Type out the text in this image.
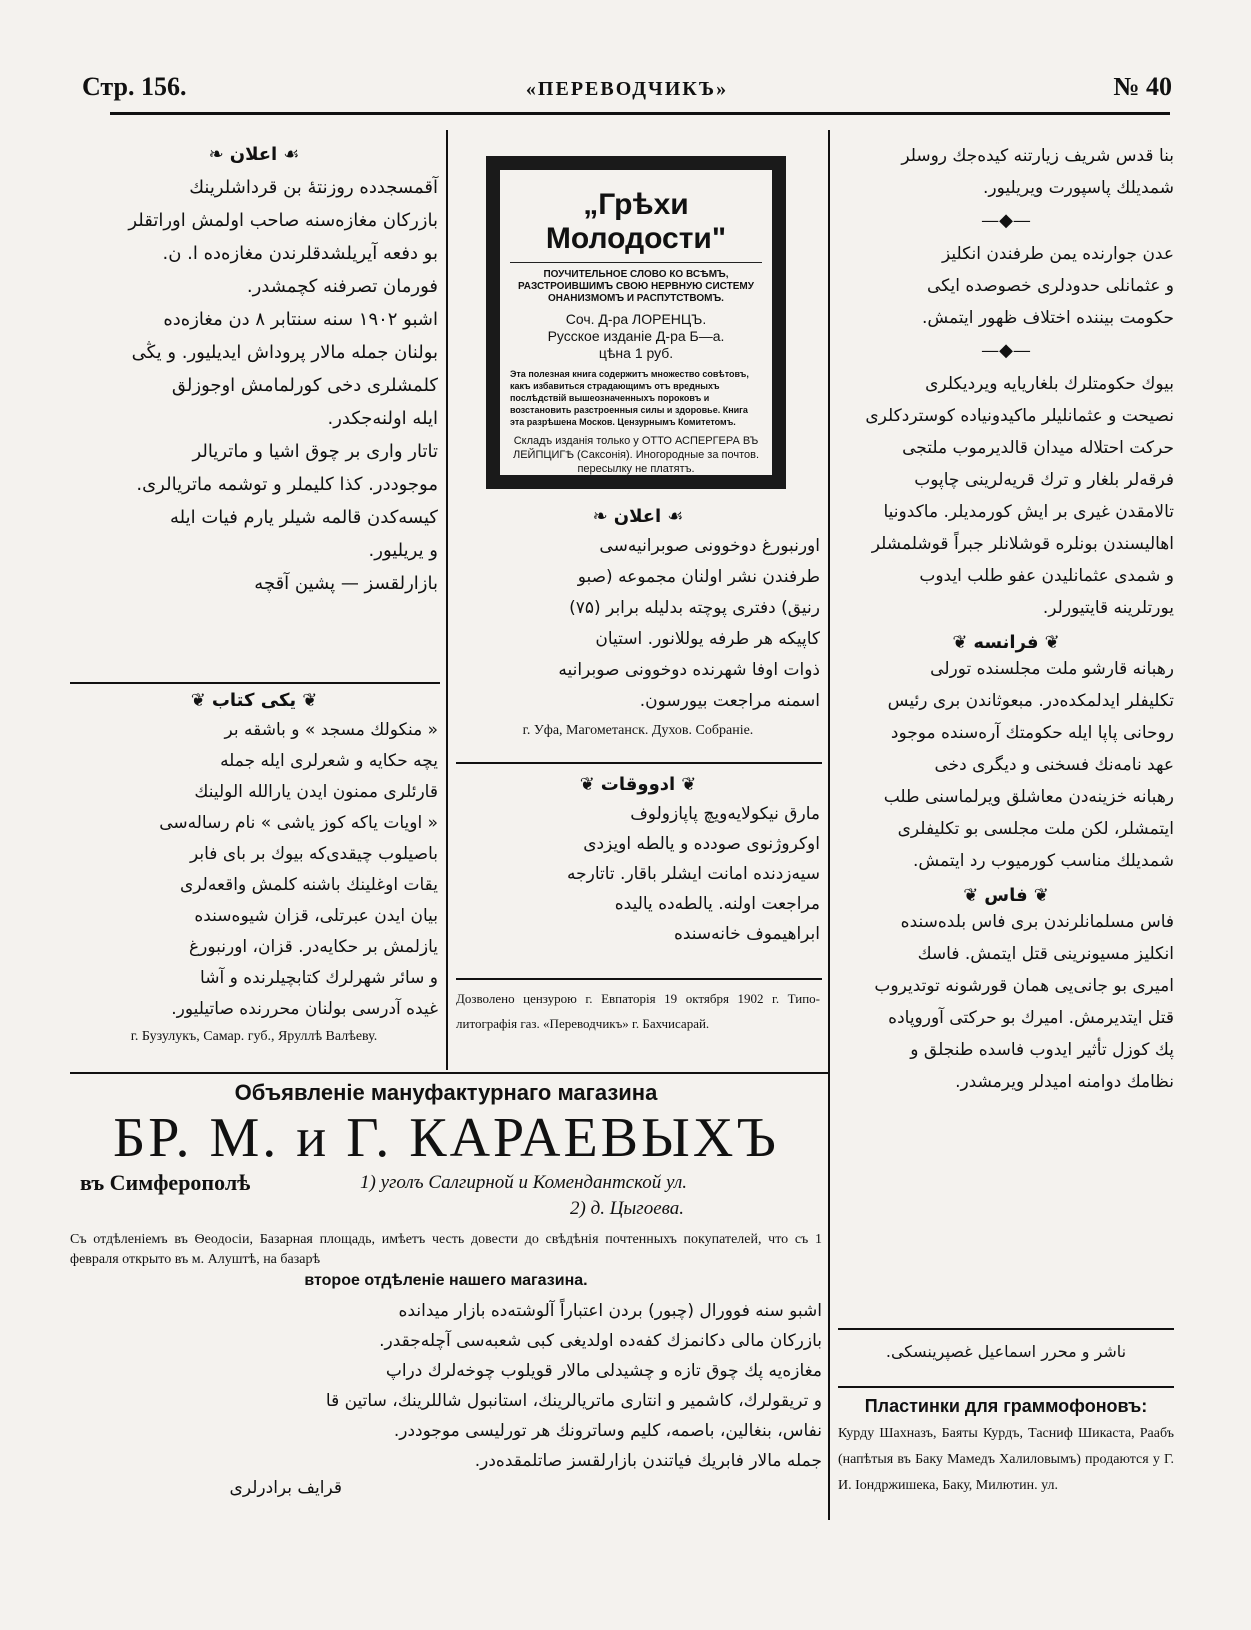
Стр. 156.	«ПЕРЕВОДЧИКЪ»	№ 40
❧ اعلان ☙

آقمسجدده روزنتهٔ بن قرداشلرينك

بازركان مغازەسنه صاحب اولمش اوراتقلر

بو دفعه آيريلشدقلرندن مغازەده ا. ن.

فورمان تصرفنه كچمشدر.

اشبو ۱۹۰۲ سنه سنتابر ۸ دن مغازەده

بولنان جمله مالار پروداش ايديليور. و يڭی

كلمشلری دخی كورلمامش اوجوزلق

ايله اولنه‌جكدر.

تاتار واری بر چوق اشيا و ماتريالر

موجوددر. كذا كليملر و توشمه ماتريالری.

كيسه‌كدن قالمه شيلر يارم فيات ايله

و يريليور.

بازارلقسز — پشين آقچه

❦ يكى كتاب ❦

« منكولك مسجد » و باشقه بر

يچه حكايه و شعرلری ايله جمله

قارئلری ممنون ايدن يارالله الولينك

« اويات ياكه كوز ياشی » نام رساله‌سی

باصيلوب چيقدی‌كه بيوك بر بای فابر

يقات اوغلينك باشنه كلمش واقعه‌لری

بيان ايدن عبرتلی، قزان شيوه‌سنده

يازلمش بر حكايه‌در. قزان، اورنبورغ

و سائر شهرلرك كتابچيلرنده و آشا

غيده آدرسی بولنان محررنده صاتيليور.

г. Бузулукъ, Самар. губ., Яруллѣ Валѣеву.
„Грѣхи Молодости"
ПОУЧИТЕЛЬНОЕ СЛОВО КО ВСѢМЪ, РАЗСТРОИВШИМЪ СВОЮ НЕРВНУЮ СИСТЕМУ ОНАНИЗМОМЪ И РАСПУТСТВОМЪ.
Соч. Д-ра ЛОРЕНЦЪ.
Русское изданіе Д-ра Б—а.
цѣна 1 руб.
Эта полезная книга содержитъ множество совѣтовъ, какъ избавиться страдающимъ отъ вредныхъ послѣдствій вышеозначенныхъ пороковъ и возстановить разстроенныя силы и здоровье. Книга эта разрѣшена Москов. Цензурнымъ Комитетомъ.
Складъ изданія только у ОТТО АСПЕРГЕРА ВЪ ЛЕЙПЦИГѢ (Саксонія). Иногородные за почтов. пересылку не платятъ.
❧ اعلان ☙

اورنبورغ دوخوونی صوبرانيه‌سی

طرفندن نشر اولنان مجموعه (صبو

رنيق) دفتری پوچته بدليله برابر (۷۵)

كاپيكه هر طرفه يوللانور. استيان

ذوات اوفا شهرنده دوخوونی صوبرانيه

اسمنه مراجعت بيورسون.

г. Уфа, Магометанск. Духов. Собраніе.
❦ ادووقات ❦

مارق نيكولايه‌ويچ پاپازولوف

اوكروژنوی صودده و يالطه اويزدی

سيه‌زدنده امانت ايشلر باقار. تاتارجه

مراجعت اولنه. يالطه‌ده ياليده

ابراهيموف خانه‌سنده

Дозволено цензурою г. Евпаторія 19 октября 1902 г. Типо-литографія газ. «Переводчикъ» г. Бахчисарай.

بنا قدس شريف زيارتنه كيده‌جك روسلر

شمديلك پاسپورت ويريليور.

—◆—

عدن جوارنده يمن طرفندن انكليز

و عثمانلی حدودلری خصوصده ايكی

حكومت بيننده اختلاف ظهور ايتمش.

—◆—

بيوك حكومتلرك بلغاريايه ويرديكلری

نصيحت و عثمانليلر ماكيدونياده كوستردكلری

حركت احتلاله ميدان قالديرموب ملتجی

فرقه‌لر بلغار و ترك قريه‌لرينی چاپوب

تالامقدن غيری بر ايش كورمديلر. ماكدونيا

اهاليسندن بونلره قوشلانلر جبراً قوشلمشلر

و شمدی عثمانليدن عفو طلب ايدوب

يورتلرينه قايتيورلر.

❦ فرانسه ❦

رهبانه قارشو ملت مجلسنده تورلی

تكليفلر ايدلمكده‌در. مبعوثاندن بری رئيس

روحانی پاپا ايله حكومتك آره‌سنده موجود

عهد نامه‌نك فسخنی و ديگری دخی

رهبانه خزينه‌دن معاشلق ويرلماسنی طلب

ايتمشلر، لكن ملت مجلسی بو تكليفلری

شمديلك مناسب كورميوب رد ايتمش.

❦ فاس ❦

فاس مسلمانلرندن بری فاس بلده‌سنده

انكليز مسيونرينی قتل ايتمش. فاسك

اميری بو جانی‌يی همان قورشونه توتديروب

قتل ايتديرمش. اميرك بو حركتی آوروپاده

پك كوزل تأثير ايدوب فاسده طنجلق و

نظامك دوامنه اميدلر ويرمشدر.

ناشر و محرر اسماعيل غصپرينسكى.
Пластинки для граммофоновъ:
Курду Шахназъ, Баяты Курдъ, Тасниф Шикаста, Раабъ (напѣтыя въ Баку Мамедъ Халиловымъ) продаются у Г. И. Іондржишека, Баку, Милютин. ул.
Объявленіе мануфактурнаго магазина
БР. М. и Г. КАРАЕВЫХЪ
въ Симферополѣ	1) уголъ Салгирной и Комендантской ул.
2) д. Цыгоева.
Съ отдѣленіемъ въ Ѳеодосіи, Базарная площадь, имѣетъ честь довести до свѣдѣнія почтенныхъ покупателей, что съ 1 февраля открыто въ м. Алуштѣ, на базарѣ
второе отдѣленіе нашего магазина.

اشبو سنه فوورال (چبور) بردن اعتباراً آلوشته‌ده بازار ميدانده

بازركان مالی دكانمزك كفه‌ده اولديغی كبی شعبه‌سی آچله‌جقدر.

مغازه‌يه پك چوق تازه و چشيدلی مالار قويلوب چوخه‌لرك دراپ

و تريقولرك، كاشمير و انتاری ماتريالرينك، استانبول شاللرينك، ساتين قا

نفاس، بنغالين، باصمه، كليم وساترونك هر تورليسی موجوددر.

جمله مالار فابريك فياتندن بازارلقسز صاتلمقده‌در.

قرايف برادرلری
